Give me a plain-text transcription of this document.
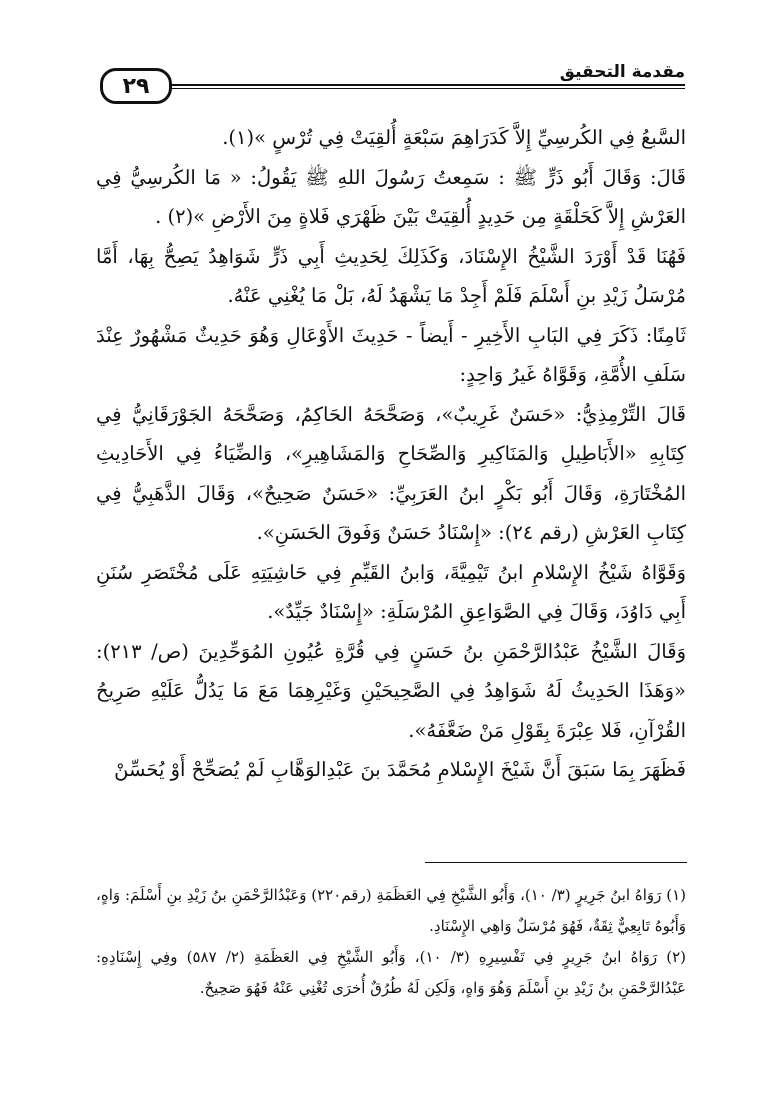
٢٩
مقدمة التحقيق

السَّبعُ فِي الكُرسِيِّ إِلاَّ كَدَرَاهِمَ سَبْعَةٍ أُلقِيَتْ فِي تُرْسٍ »(١).

قَالَ: وَقَالَ أَبُو ذَرٍّ ﷺ : سَمِعتُ رَسُولَ اللهِ ﷺ يَقُولُ: « مَا الكُرسِيُّ فِي العَرْشِ إِلاَّ كَحَلْقَةٍ مِن حَدِيدٍ أُلقِيَتْ بَيْنَ ظَهْرَي فَلاةٍ مِنَ الأَرْضِ »(٢) .

فَهُنَا قَدْ أَوْرَدَ الشَّيْخُ الإِسْنَادَ، وَكَذَلِكَ لِحَدِيثِ أَبِي ذَرٍّ شَوَاهِدُ يَصِحُّ بِهَا، أَمَّا مُرْسَلُ زَيْدِ بنِ أَسْلَمَ فَلَمْ أَجِدْ مَا يَشْهَدُ لَهُ، بَلْ مَا يُغْنِي عَنْهُ.

ثَامِنًا: ذَكَرَ فِي البَابِ الأَخِيرِ - أَيضاً - حَدِيثَ الأَوْعَالِ وَهُوَ حَدِيثٌ مَشْهُورٌ عِنْدَ سَلَفِ الأُمَّةِ، وَقَوَّاهُ غَيرُ وَاحِدٍ:

قَالَ التِّرْمِذِيُّ: «حَسَنٌ غَرِيبٌ»، وَصَحَّحَهُ الحَاكِمُ، وَصَحَّحَهُ الجَوْرَقَانِيُّ فِي كِتَابِهِ «الأَبَاطِيلِ وَالمَنَاكِيرِ وَالصِّحَاحِ وَالمَشَاهِيرِ»، وَالضِّيَاءُ فِي الأَحَادِيثِ المُخْتَارَةِ، وَقَالَ أَبُو بَكْرٍ ابنُ العَرَبِيِّ: «حَسَنٌ صَحِيحٌ»، وَقَالَ الذَّهَبِيُّ فِي كِتَابِ العَرْشِ (رقم ٢٤): «إِسْنَادُ حَسَنٌ وَفَوقَ الحَسَنِ».

وَقَوَّاهُ شَيْخُ الإِسْلامِ ابنُ تَيْمِيَّةَ، وَابنُ القَيِّمِ فِي حَاشِيَتِهِ عَلَى مُخْتَصَرِ سُنَنِ أَبِي دَاوُدَ، وَقَالَ فِي الصَّوَاعِقِ المُرْسَلَةِ: «إِسْنَادٌ جَيِّدٌ».

وَقَالَ الشَّيْخُ عَبْدُالرَّحْمَنِ بنُ حَسَنٍ فِي قُرَّةِ عُيُونِ المُوَحِّدِينَ (ص/ ٢١٣): «وَهَذَا الحَدِيثُ لَهُ شَوَاهِدُ فِي الصَّحِيحَيْنِ وَغَيْرِهِمَا مَعَ مَا يَدُلُّ عَلَيْهِ صَرِيحُ القُرْآنِ، فَلا عِبْرَةَ بِقَوْلِ مَنْ ضَعَّفَهُ».

فَظَهَرَ بِمَا سَبَقَ أَنَّ شَيْخَ الإِسْلامِ مُحَمَّدَ بنَ عَبْدِالوَهَّابِ لَمْ يُصَحِّحْ أَوْ يُحَسِّنْ

(١) رَوَاهُ ابنُ جَرِيرٍ (٣/ ١٠)، وَأَبُو الشَّيْخِ فِي العَظَمَةِ (رقم٢٢٠) وَعَبْدُالرَّحْمَنِ بنُ زَيْدِ بنِ أَسْلَمَ: وَاهٍ، وَأَبُوهُ تَابِعِيٌّ ثِقَةٌ، فَهُوَ مُرْسَلٌ وَاهِي الإِسْنَادِ.

(٢) رَوَاهُ ابنُ جَرِيرٍ فِي تَفْسِيرِهِ (٣/ ١٠)، وَأَبُو الشَّيْخِ فِي العَظَمَةِ (٢/ ٥٨٧) وفِي إِسْنَادِهِ: عَبْدُالرَّحْمَنِ بنُ زَيْدِ بنِ أَسْلَمَ وَهُوَ وَاهٍ، وَلَكِن لَهُ طُرُقٌ أُخرَى تُغْنِي عَنْهُ فَهُوَ صَحِيحٌ.
